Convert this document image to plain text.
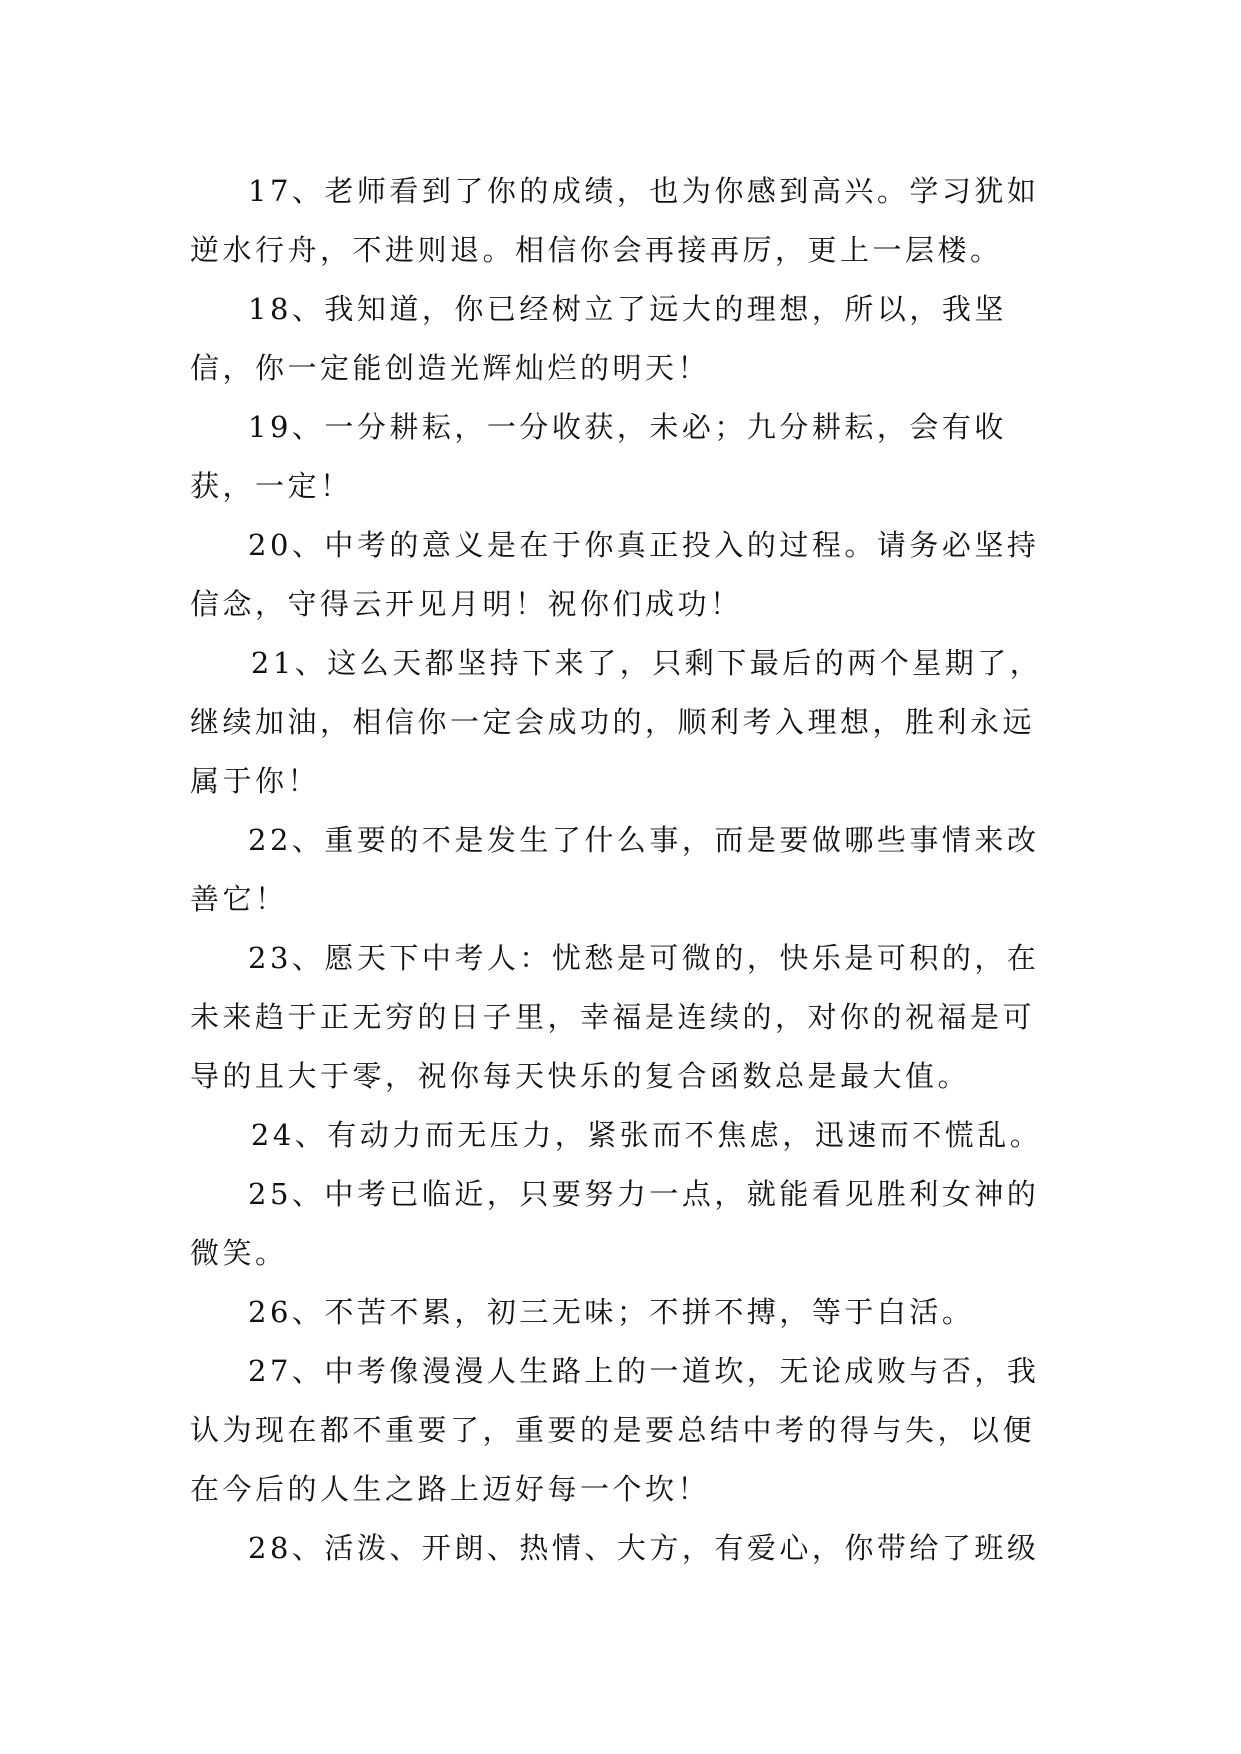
17、老师看到了你的成绩，也为你感到高兴。学习犹如逆水行舟，不进则退。相信你会再接再厉，更上一层楼。

18、我知道，你已经树立了远大的理想，所以，我坚信，你一定能创造光辉灿烂的明天！

19、一分耕耘，一分收获，未必；九分耕耘，会有收获，一定！

20、中考的意义是在于你真正投入的过程。请务必坚持信念，守得云开见月明！祝你们成功！

21、这么天都坚持下来了，只剩下最后的两个星期了，继续加油，相信你一定会成功的，顺利考入理想，胜利永远属于你！

22、重要的不是发生了什么事，而是要做哪些事情来改善它！

23、愿天下中考人：忧愁是可微的，快乐是可积的，在未来趋于正无穷的日子里，幸福是连续的，对你的祝福是可导的且大于零，祝你每天快乐的复合函数总是最大值。

24、有动力而无压力，紧张而不焦虑，迅速而不慌乱。

25、中考已临近，只要努力一点，就能看见胜利女神的微笑。

26、不苦不累，初三无味；不拼不搏，等于白活。

27、中考像漫漫人生路上的一道坎，无论成败与否，我认为现在都不重要了，重要的是要总结中考的得与失，以便在今后的人生之路上迈好每一个坎！

28、活泼、开朗、热情、大方，有爱心，你带给了班级
